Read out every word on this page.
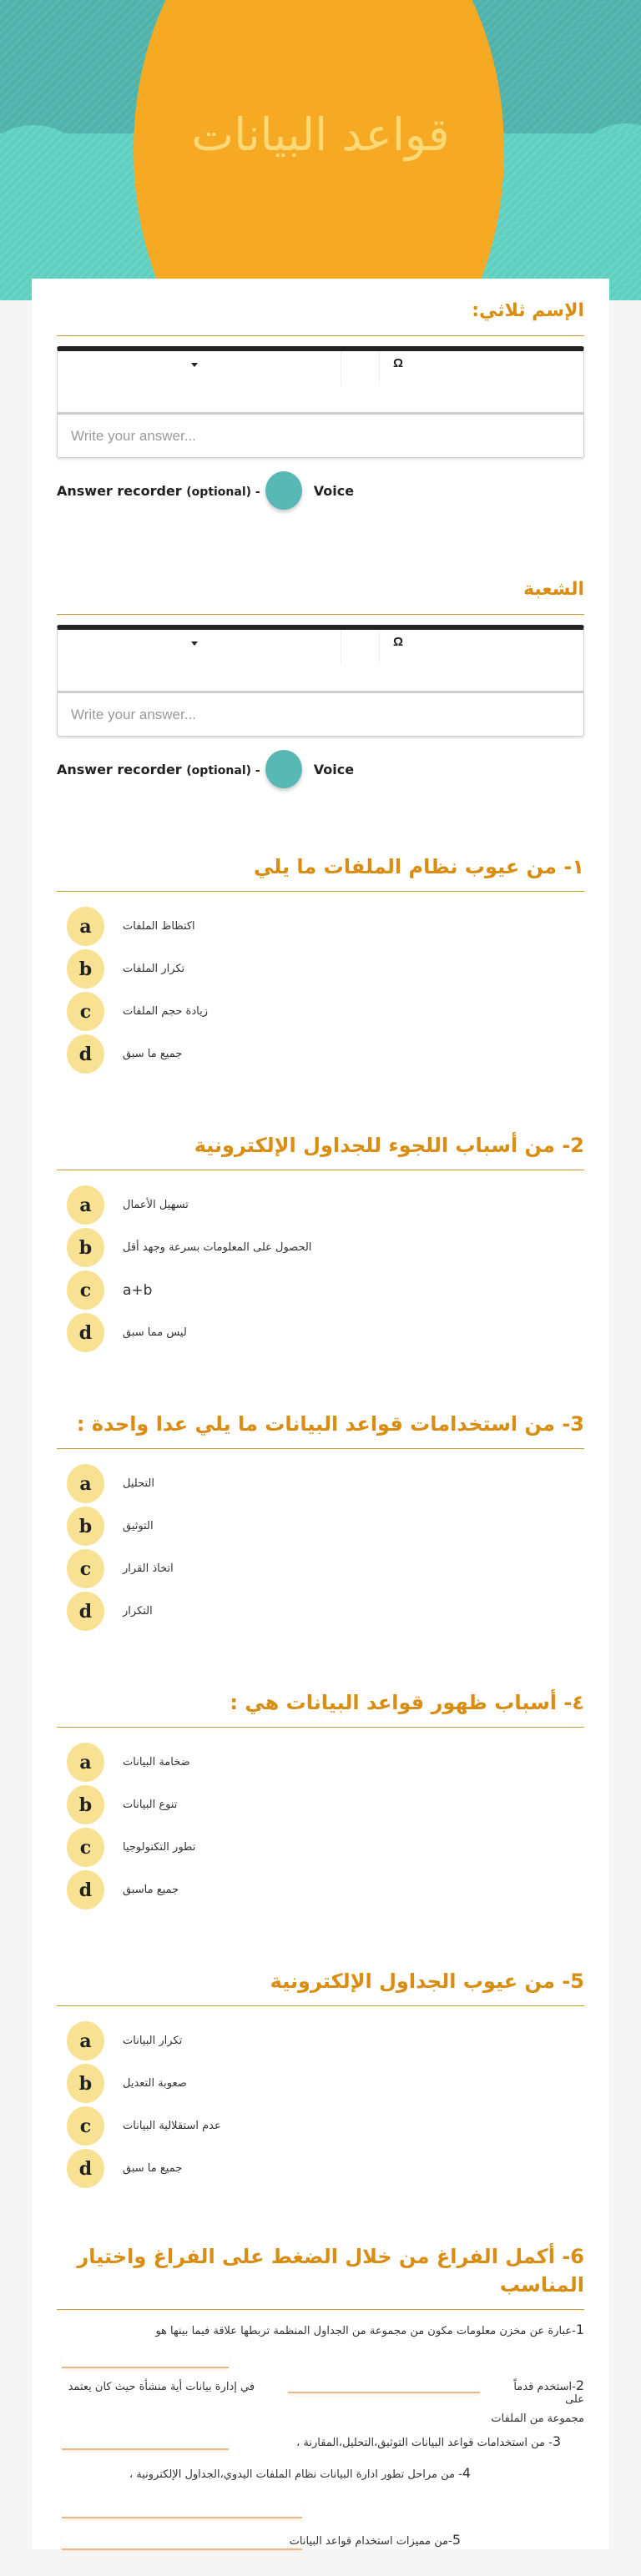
قواعد البيانات
الإسم ثلاثي:
Ω
Write your answer...
Answer recorder (optional) -	Voice
الشعبة
Ω
Write your answer...
Answer recorder (optional) -	Voice
١- من عيوب نظام الملفات ما يلي
a	اكتظاظ الملفات
b	تكرار الملفات
c	زيادة حجم الملفات
d	جميع ما سبق
2- من أسباب اللجوء للجداول الإلكترونية
a	تسهيل الأعمال
b	الحصول على المعلومات بسرعة وجهد أقل
c	a+b
d	ليس مما سبق
3- من استخدامات قواعد البيانات ما يلي عدا واحدة :
a	التحليل
b	التوثيق
c	اتخاذ القرار
d	التكرار
٤- أسباب ظهور قواعد البيانات هي :
a	ضخامة البيانات
b	تنوع البيانات
c	تطور التكنولوجيا
d	جميع ماسبق
5- من عيوب الجداول الإلكترونية
a	تكرار البيانات
b	صعوبة التعديل
c	عدم استقلالية البيانات
d	جميع ما سبق
6- أكمل الفراغ من خلال الضغط على الفراغ واختيار المناسب
1-عبارة عن مخزن معلومات مكون من مجموعة من الجداول المنظمة تربطها علاقة فيما بينها هو
2-استخدم قدماً  في إدارة بيانات أية منشأة حيث كان يعتمد على
مجموعة من الملفات
3- من استخدامات قواعد البيانات التوثيق،التحليل،المقارنة ،
4- من مراحل تطور ادارة البيانات نظام الملفات اليدوي،الجداول الإلكترونية ،
5-من مميزات استخدام قواعد البيانات
